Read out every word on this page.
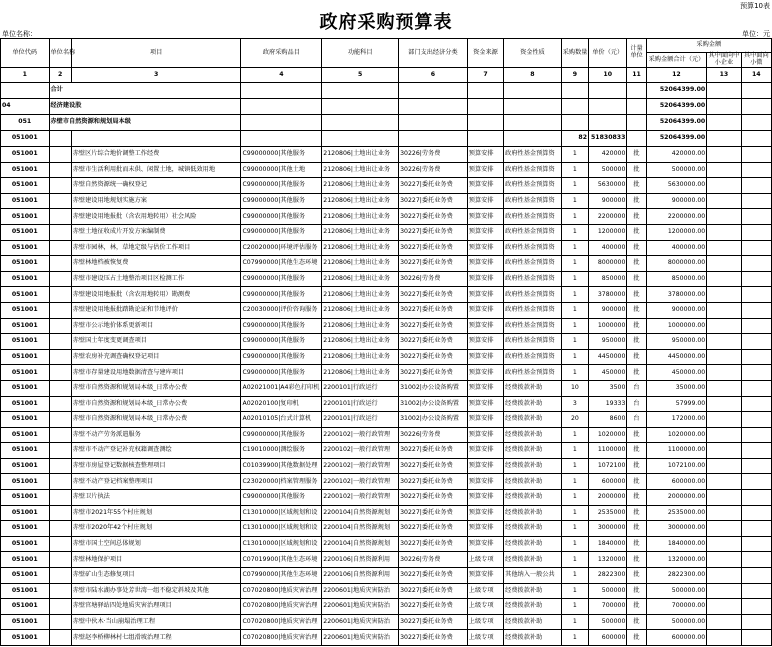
预算10表
政府采购预算表
单位名称：	单位：元
单位代码	单位名称	项目	政府采购品目	功能科目	部门支出经济分类	资金来源	资金性质	采购数量	单价（元）	计量单位	采购金额		
											采购金额合计（元）	其中面向中小企业	其中面向小微
1	2	3	4	5	6	7	8	9	10	11	12	13	14
	合计										52064399.00		
04	经济建设股										52064399.00		
051	赤壁市自然资源和规划局本级										52064399.00		
051001								82	51830833		52064399.00		
051001		赤壁区片综合地价调整工作经费	C99000000|其他服务	2120806|土地出让业务	30226|劳务费	预算安排	政府性基金预算资	1	420000	批	420000.00		
051001		赤壁市生活利用批而未供、闲置土地，城镇低效用地	C99000000|其他土地	2120806|土地出让业务	30226|劳务费	预算安排	政府性基金预算资	1	500000	批	500000.00		
051001		赤壁自然资源统一确权登记	C99000000|其他服务	2120806|土地出让业务	30227|委托业务费	预算安排	政府性基金预算资	1	5630000	批	5630000.00		
051001		赤壁建设用地规划实施方案	C99000000|其他服务	2120806|土地出让业务	30227|委托业务费	预算安排	政府性基金预算资	1	900000	批	900000.00		
051001		赤壁建设用地报批（含农用地转用）社会风险	C99000000|其他服务	2120806|土地出让业务	30227|委托业务费	预算安排	政府性基金预算资	1	2200000	批	2200000.00		
051001		赤壁土地征收成片开发方案编制费	C99000000|其他服务	2120806|土地出让业务	30227|委托业务费	预算安排	政府性基金预算资	1	1200000	批	1200000.00		
051001		赤壁市园林，林，草地定级与估价工作项目	C20020000|环境评估服务	2120806|土地出让业务	30227|委托业务费	预算安排	政府性基金预算资	1	400000	批	400000.00		
051001		赤壁林地档被恢复费	C07990000|其他生态环境	2120806|土地出让业务	30227|委托业务费	预算安排	政府性基金预算资	1	8000000	批	8000000.00		
051001		赤壁市建设压占土地整治项目区检测工作	C99000000|其他服务	2120806|土地出让业务	30226|劳务费	预算安排	政府性基金预算资	1	850000	批	850000.00		
051001		赤壁建设用地报批（含农用地转用）勘测费	C99000000|其他服务	2120806|土地出让业务	30227|委托业务费	预算安排	政府性基金预算资	1	3780000	批	3780000.00		
051001		赤壁建设用地报批踏勘论证和节地评价	C20030000|评价咨询服务	2120806|土地出让业务	30227|委托业务费	预算安排	政府性基金预算资	1	900000	批	900000.00		
051001		赤壁市公示地价体系更新项目	C99000000|其他服务	2120806|土地出让业务	30227|委托业务费	预算安排	政府性基金预算资	1	1000000	批	1000000.00		
051001		赤壁国土年度变更调查项目	C99000000|其他服务	2120806|土地出让业务	30227|委托业务费	预算安排	政府性基金预算资	1	950000	批	950000.00		
051001		赤壁农房补充调查确权登记项目	C99000000|其他服务	2120806|土地出让业务	30227|委托业务费	预算安排	政府性基金预算资	1	4450000	批	4450000.00		
051001		赤壁市存量建设用地数据清查与建库项目	C99000000|其他服务	2120806|土地出让业务	30227|委托业务费	预算安排	政府性基金预算资	1	450000	批	450000.00		
051001		赤壁市自然资源和规划局本级_日常办公费	A02021001|A4彩色打印机	2200101|行政运行	31002|办公设备购置	预算安排	经费拨款补助	10	3500	台	35000.00		
051001		赤壁市自然资源和规划局本级_日常办公费	A02020100|复印机	2200101|行政运行	31002|办公设备购置	预算安排	经费拨款补助	3	19333	台	57999.00		
051001		赤壁市自然资源和规划局本级_日常办公费	A02010105|台式计算机	2200101|行政运行	31002|办公设备购置	预算安排	经费拨款补助	20	8600	台	172000.00		
051001		赤壁不动产劳务派遣服务	C99000000|其他服务	2200102|一般行政管理	30226|劳务费	预算安排	经费拨款补助	1	1020000	批	1020000.00		
051001		赤壁市不动产登记补充权籍调查测绘	C19010000|测绘服务	2200102|一般行政管理	30227|委托业务费	预算安排	经费拨款补助	1	1100000	批	1100000.00		
051001		赤壁市房屋登记数据核查整理项目	C01039900|其他数据处理	2200102|一般行政管理	30227|委托业务费	预算安排	经费拨款补助	1	1072100	批	1072100.00		
051001		赤壁不动产登记档案整理项目	C23020000|档案管理服务	2200102|一般行政管理	30227|委托业务费	预算安排	经费拨款补助	1	600000	批	600000.00		
051001		赤壁卫片执法	C99000000|其他服务	2200102|一般行政管理	30227|委托业务费	预算安排	经费拨款补助	1	2000000	批	2000000.00		
051001		赤壁市2021年55个村庄规划	C13010000|区域规划和设	2200104|自然资源规划	30227|委托业务费	预算安排	经费拨款补助	1	2535000	批	2535000.00		
051001		赤壁市2020年42个村庄规划	C13010000|区域规划和设	2200104|自然资源规划	30227|委托业务费	预算安排	经费拨款补助	1	3000000	批	3000000.00		
051001		赤壁市国土空间总体规划	C13010000|区域规划和设	2200104|自然资源规划	30227|委托业务费	预算安排	经费拨款补助	1	1840000	批	1840000.00		
051001		赤壁林地保护项目	C07019900|其他生态环境	2200106|自然资源利用	30226|劳务费	上级专项	经费拨款补助	1	1320000	批	1320000.00		
051001		赤壁矿山生态修复项目	C07990000|其他生态环境	2200106|自然资源利用	30227|委托业务费	预算安排	其他纳入一般公共	1	2822300	批	2822300.00		
051001		赤壁市陆水湖办事处芳世湾一组不稳定斜坡及其他	C07020800|地质灾害治理	2200601|地质灾害防治	30227|委托业务费	上级专项	经费拨款补助	1	500000	批	500000.00		
051001		赤壁官塘驿站四处地质灾害治理项目	C07020800|地质灾害治理	2200601|地质灾害防治	30227|委托业务费	上级专项	经费拨款补助	1	700000	批	700000.00		
051001		赤壁中伙木·当山崩塌治理工程	C07020800|地质灾害治理	2200601|地质灾害防治	30227|委托业务费	上级专项	经费拨款补助	1	500000	批	500000.00		
051001		赤壁赵李桥柳林村七组滑坡治理工程	C07020800|地质灾害治理	2200601|地质灾害防治	30227|委托业务费	上级专项	经费拨款补助	1	600000	批	600000.00		
